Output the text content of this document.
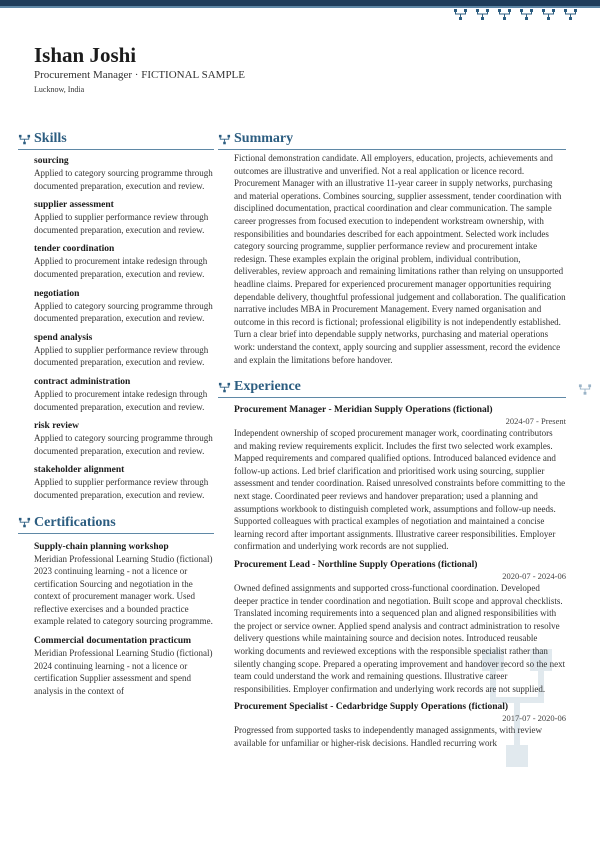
Ishan Joshi
Procurement Manager · FICTIONAL SAMPLE
Lucknow, India
Skills
sourcing
Applied to category sourcing programme through documented preparation, execution and review.
supplier assessment
Applied to supplier performance review through documented preparation, execution and review.
tender coordination
Applied to procurement intake redesign through documented preparation, execution and review.
negotiation
Applied to category sourcing programme through documented preparation, execution and review.
spend analysis
Applied to supplier performance review through documented preparation, execution and review.
contract administration
Applied to procurement intake redesign through documented preparation, execution and review.
risk review
Applied to category sourcing programme through documented preparation, execution and review.
stakeholder alignment
Applied to supplier performance review through documented preparation, execution and review.
Certifications
Supply-chain planning workshop
Meridian Professional Learning Studio (fictional) 2023 continuing learning - not a licence or certification Sourcing and negotiation in the context of procurement manager work. Used reflective exercises and a bounded practice example related to category sourcing programme.
Commercial documentation practicum
Meridian Professional Learning Studio (fictional) 2024 continuing learning - not a licence or certification Supplier assessment and spend analysis in the context of
Summary
Fictional demonstration candidate. All employers, education, projects, achievements and outcomes are illustrative and unverified. Not a real application or licence record. Procurement Manager with an illustrative 11-year career in supply networks, purchasing and material operations. Combines sourcing, supplier assessment, tender coordination with disciplined documentation, practical coordination and clear communication. The sample career progresses from focused execution to independent workstream ownership, with responsibilities and boundaries described for each appointment. Selected work includes category sourcing programme, supplier performance review and procurement intake redesign. These examples explain the original problem, individual contribution, deliverables, review approach and remaining limitations rather than relying on unsupported headline claims. Prepared for experienced procurement manager opportunities requiring dependable delivery, thoughtful professional judgement and collaboration. The qualification narrative includes MBA in Procurement Management. Every named organisation and outcome in this record is fictional; professional eligibility is not independently established. Turn a clear brief into dependable supply networks, purchasing and material operations work: understand the context, apply sourcing and supplier assessment, record the evidence and explain the limitations before handover.
Experience
Procurement Manager - Meridian Supply Operations (fictional)
2024-07 - Present
Independent ownership of scoped procurement manager work, coordinating contributors and making review requirements explicit. Includes the first two selected work examples. Mapped requirements and compared qualified options. Introduced balanced evidence and follow-up actions. Led brief clarification and prioritised work using sourcing, supplier assessment and tender coordination. Raised unresolved constraints before committing to the next stage. Coordinated peer reviews and handover preparation; used a planning and assumptions workbook to distinguish completed work, assumptions and follow-up needs. Supported colleagues with practical examples of negotiation and maintained a concise learning record after important assignments. Illustrative career responsibilities. Employer confirmation and underlying work records are not supplied.
Procurement Lead - Northline Supply Operations (fictional)
2020-07 - 2024-06
Owned defined assignments and supported cross-functional coordination. Developed deeper practice in tender coordination and negotiation. Built scope and approval checklists. Translated incoming requirements into a sequenced plan and aligned responsibilities with the project or service owner. Applied spend analysis and contract administration to resolve delivery questions while maintaining source and decision notes. Introduced reusable working documents and reviewed exceptions with the responsible specialist rather than silently changing scope. Prepared a operating improvement and handover record so the next team could understand the work and remaining questions. Illustrative career responsibilities. Employer confirmation and underlying work records are not supplied.
Procurement Specialist - Cedarbridge Supply Operations (fictional)
2017-07 - 2020-06
Progressed from supported tasks to independently managed assignments, with review available for unfamiliar or higher-risk decisions. Handled recurring work
